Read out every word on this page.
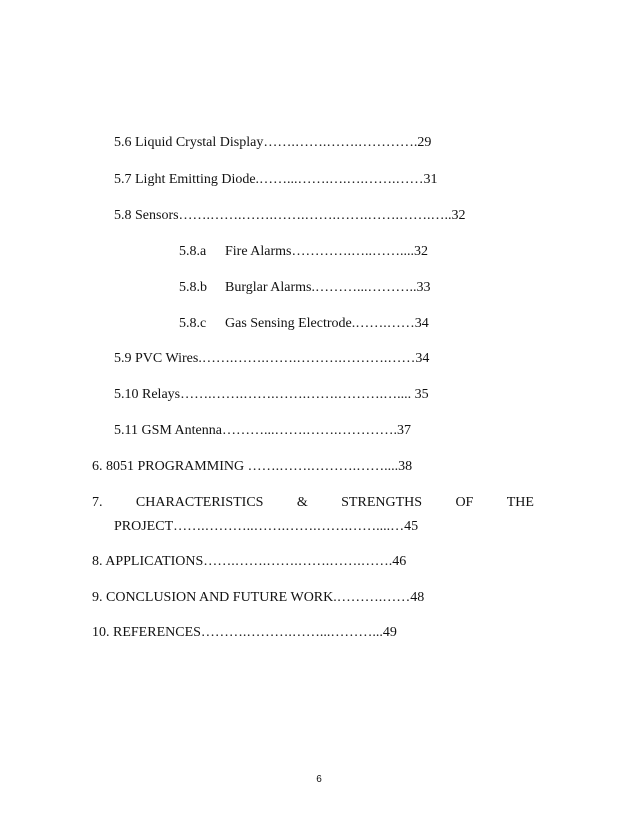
5.6 Liquid Crystal Display…….…….…….………….29
5.7 Light Emitting Diode.……...…….….….…….……31
5.8 Sensors…….…….…….…….…….…….…….…….…..32
5.8.a Fire Alarms………….…..……....32
5.8.b Burglar Alarms.………...………..33
5.8.c Gas Sensing Electrode.…….……34
5.9 PVC Wires.…….…….…….……….……….……34
5.10 Relays…….…….…….…….…….……….….... 35
5.11 GSM Antenna………...…….…….………….37
6. 8051 PROGRAMMING …….…….……….……....38
7. CHARACTERISTICS & STRENGTHS OF THE
PROJECT…….………..…….…….…….……....…45
8. APPLICATIONS…….…….…….…….…….…….46
9. CONCLUSION AND FUTURE WORK.……….……48
10. REFERENCES……….……….……...………...49
6
